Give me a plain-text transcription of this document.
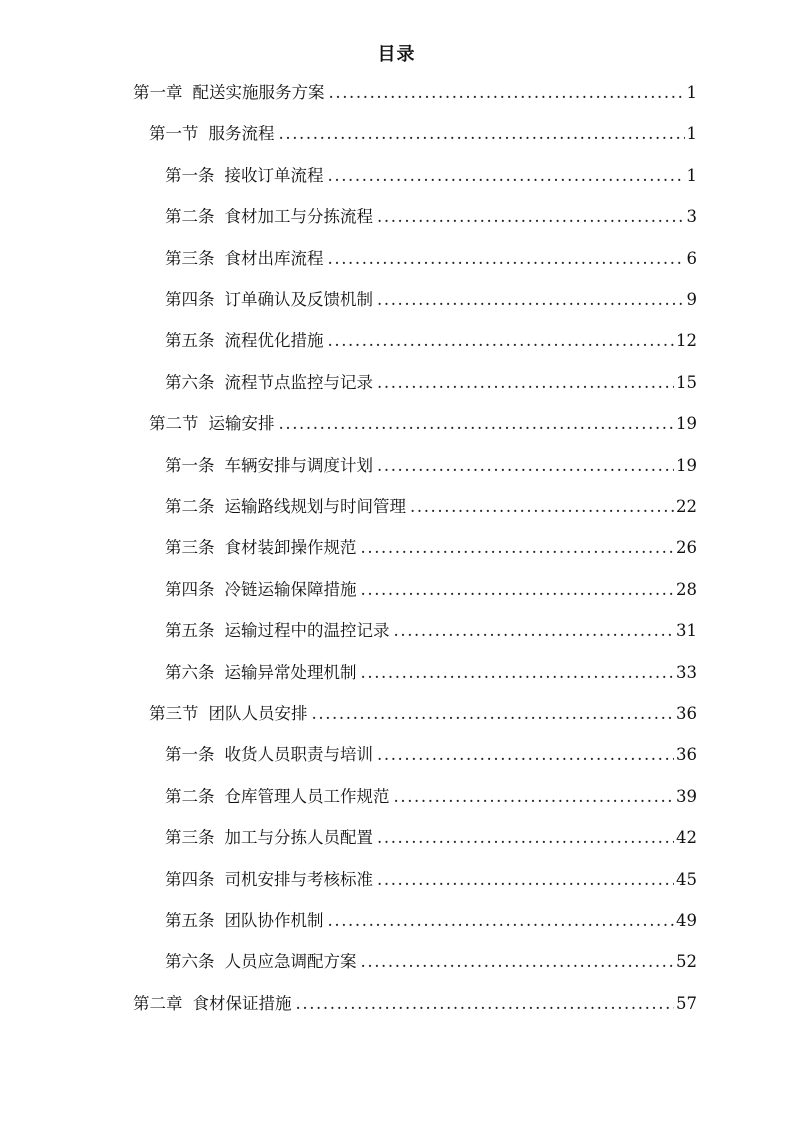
目录
第一章 配送实施服务方案 .....	1
第一节 服务流程 .....	1
第一条 接收订单流程 .....	1
第二条 食材加工与分拣流程 .....	3
第三条 食材出库流程 .....	6
第四条 订单确认及反馈机制 .....	9
第五条 流程优化措施 .....	12
第六条 流程节点监控与记录 .....	15
第二节 运输安排 .....	19
第一条 车辆安排与调度计划 .....	19
第二条 运输路线规划与时间管理 .....	22
第三条 食材装卸操作规范 .....	26
第四条 冷链运输保障措施 .....	28
第五条 运输过程中的温控记录 .....	31
第六条 运输异常处理机制 .....	33
第三节 团队人员安排 .....	36
第一条 收货人员职责与培训 .....	36
第二条 仓库管理人员工作规范 .....	39
第三条 加工与分拣人员配置 .....	42
第四条 司机安排与考核标准 .....	45
第五条 团队协作机制 .....	49
第六条 人员应急调配方案 .....	52
第二章 食材保证措施 .....	57
